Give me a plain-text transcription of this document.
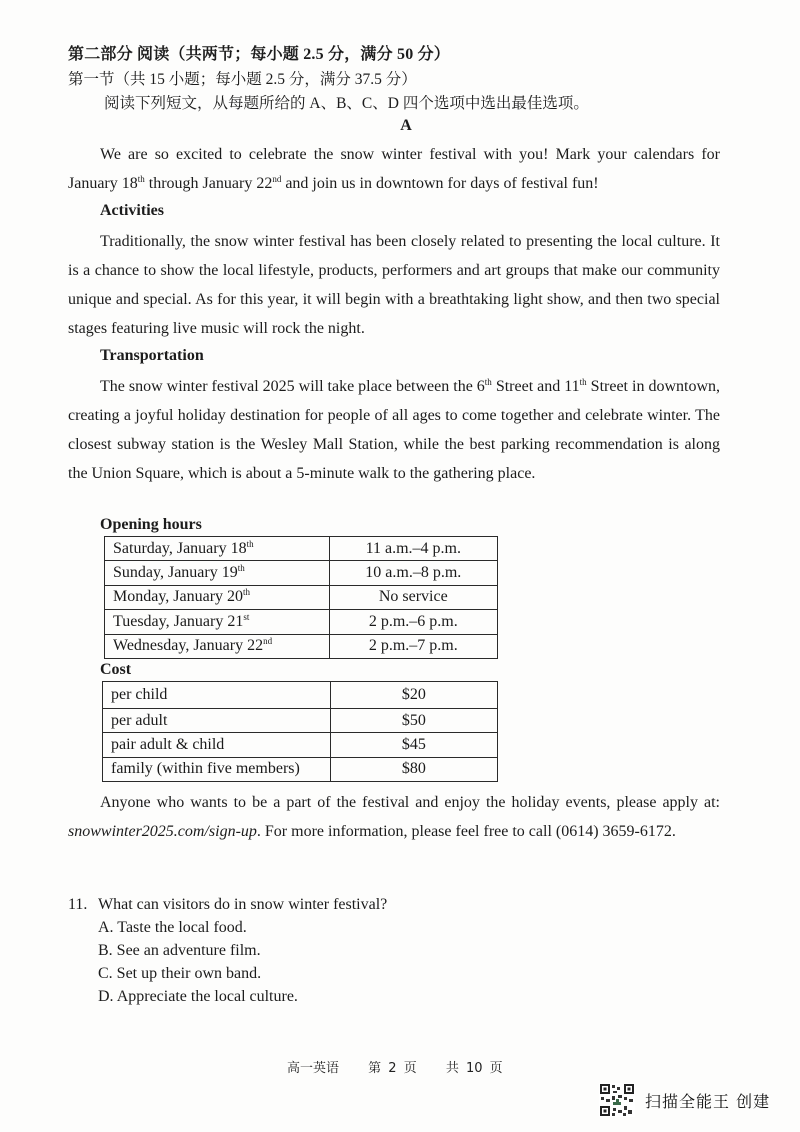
第二部分 阅读（共两节；每小题 2.5 分，满分 50 分）
第一节（共 15 小题；每小题 2.5 分，满分 37.5 分）
阅读下列短文，从每题所给的 A、B、C、D 四个选项中选出最佳选项。
A
We are so excited to celebrate the snow winter festival with you! Mark your calendars for January 18th through January 22nd and join us in downtown for days of festival fun!
Activities
Traditionally, the snow winter festival has been closely related to presenting the local culture. It is a chance to show the local lifestyle, products, performers and art groups that make our community unique and special. As for this year, it will begin with a breathtaking light show, and then two special stages featuring live music will rock the night.
Transportation
The snow winter festival 2025 will take place between the 6th Street and 11th Street in downtown, creating a joyful holiday destination for people of all ages to come together and celebrate winter. The closest subway station is the Wesley Mall Station, while the best parking recommendation is along the Union Square, which is about a 5-minute walk to the gathering place.
Opening hours
Saturday, January 18th	11 a.m.–4 p.m.
Sunday, January 19th	10 a.m.–8 p.m.
Monday, January 20th	No service
Tuesday, January 21st	2 p.m.–6 p.m.
Wednesday, January 22nd	2 p.m.–7 p.m.
Cost
per child	$20
per adult	$50
pair adult & child	$45
family (within five members)	$80
Anyone who wants to be a part of the festival and enjoy the holiday events, please apply at: snowwinter2025.com/sign-up. For more information, please feel free to call (0614) 3659-6172.
11. What can visitors do in snow winter festival?
A. Taste the local food.
B. See an adventure film.
C. Set up their own band.
D. Appreciate the local culture.
高一英语 第 2 页 共 10 页
扫描全能王 创建
